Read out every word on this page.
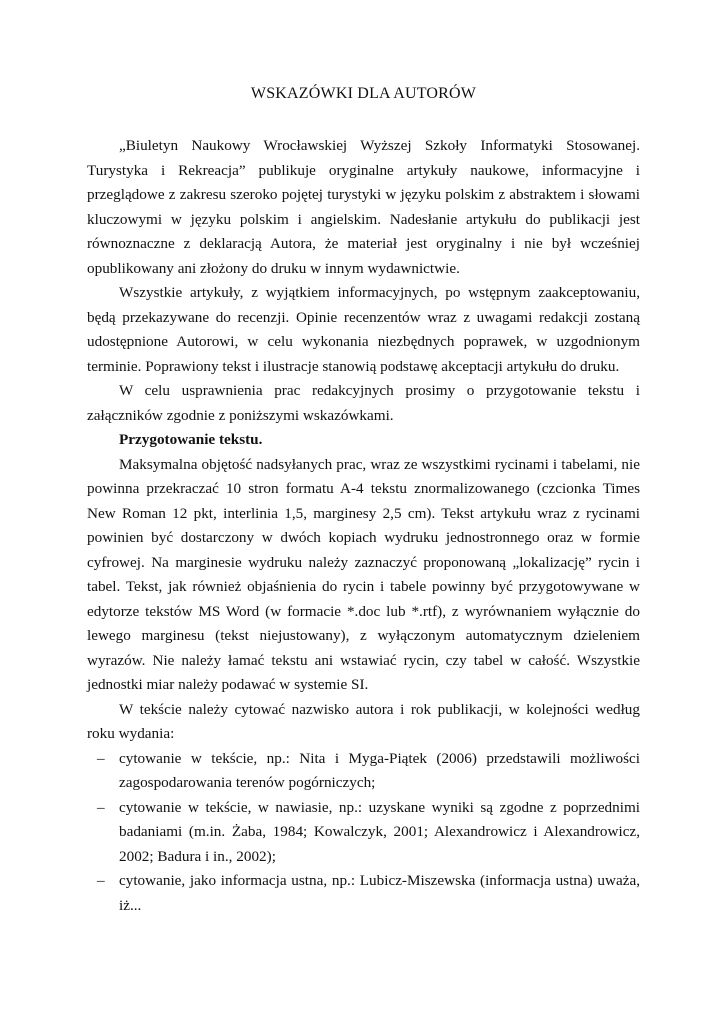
WSKAZÓWKI DLA AUTORÓW

„Biuletyn Naukowy Wrocławskiej Wyższej Szkoły Informatyki Stosowanej. Turystyka i Rekreacja” publikuje oryginalne artykuły naukowe, informacyjne i przeglądowe z zakresu szeroko pojętej turystyki w języku polskim z abstraktem i słowami kluczowymi w języku polskim i angielskim. Nadesłanie artykułu do publikacji jest równoznaczne z deklaracją Autora, że materiał jest oryginalny i nie był wcześniej opublikowany ani złożony do druku w innym wydawnictwie.

Wszystkie artykuły, z wyjątkiem informacyjnych, po wstępnym zaakceptowaniu, będą przekazywane do recenzji. Opinie recenzentów wraz z uwagami redakcji zostaną udostępnione Autorowi, w celu wykonania niezbędnych poprawek, w uzgodnionym terminie. Poprawiony tekst i ilustracje stanowią podstawę akceptacji artykułu do druku.

W celu usprawnienia prac redakcyjnych prosimy o przygotowanie tekstu i załączników zgodnie z poniższymi wskazówkami.

Przygotowanie tekstu.

Maksymalna objętość nadsyłanych prac, wraz ze wszystkimi rycinami i tabelami, nie powinna przekraczać 10 stron formatu A-4 tekstu znormalizowanego (czcionka Times New Roman 12 pkt, interlinia 1,5, marginesy 2,5 cm). Tekst artykułu wraz z rycinami powinien być dostarczony w dwóch kopiach wydruku jednostronnego oraz w formie cyfrowej. Na marginesie wydruku należy zaznaczyć proponowaną „lokalizację” rycin i tabel. Tekst, jak również objaśnienia do rycin i tabele powinny być przygotowywane w edytorze tekstów MS Word (w formacie *.doc lub *.rtf), z wyrównaniem wyłącznie do lewego marginesu (tekst niejustowany), z wyłączonym automatycznym dzieleniem wyrazów. Nie należy łamać tekstu ani wstawiać rycin, czy tabel w całość. Wszystkie jednostki miar należy podawać w systemie SI.

W tekście należy cytować nazwisko autora i rok publikacji, w kolejności według roku wydania:

– cytowanie w tekście, np.: Nita i Myga-Piątek (2006) przedstawili możliwości zagospodarowania terenów pogórniczych;
– cytowanie w tekście, w nawiasie, np.: uzyskane wyniki są zgodne z poprzednimi badaniami (m.in. Żaba, 1984; Kowalczyk, 2001; Alexandrowicz i Alexandrowicz, 2002; Badura i in., 2002);
– cytowanie, jako informacja ustna, np.: Lubicz-Miszewska (informacja ustna) uważa, iż...
